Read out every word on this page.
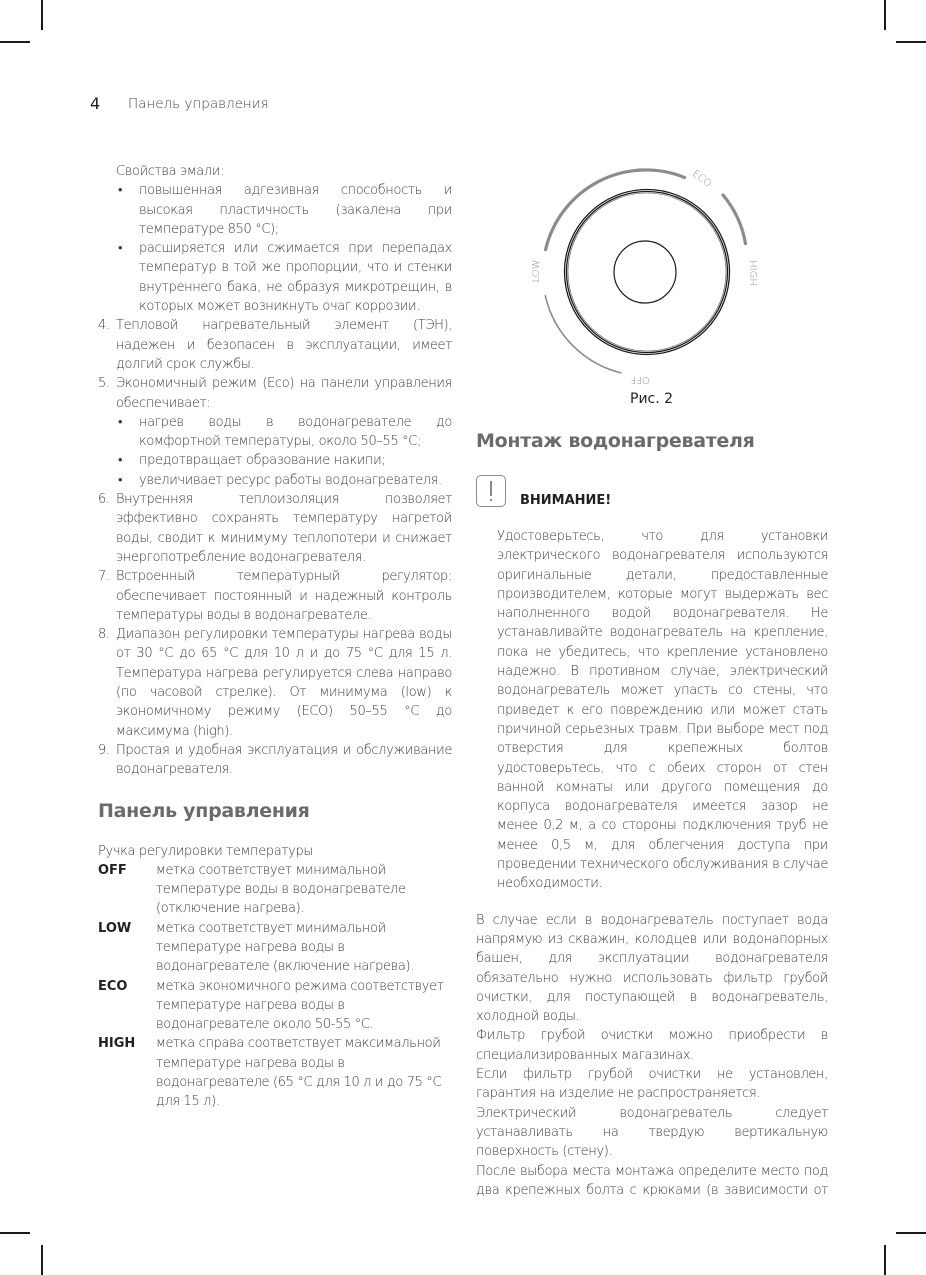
4 Панель управления

Свойства эмали:

• повышенная адгезивная способность и высокая пластичность (закалена при температуре 850 °C);
• расширяется или сжимается при перепадах температур в той же пропорции, что и стенки внутреннего бака, не образуя микротрещин, в которых может возникнуть очаг коррозии.
4. Тепловой нагревательный элемент (ТЭН), надежен и безопасен в эксплуатации, имеет долгий срок службы.
5. Экономичный режим (Eco) на панели управления обеспечивает:
• нагрев воды в водонагревателе до комфортной температуры, около 50–55 °C;
• предотвращает образование накипи;
• увеличивает ресурс работы водонагревателя.
6. Внутренняя теплоизоляция позволяет эффективно сохранять температуру нагретой воды, сводит к минимуму теплопотери и снижает энергопотребление водонагревателя.
7. Встроенный температурный регулятор: обеспечивает постоянный и надежный контроль температуры воды в водонагревателе.
8. Диапазон регулировки температуры нагрева воды от 30 °C до 65 °C для 10 л и до 75 °C для 15 л. Температура нагрева регулируется слева направо (по часовой стрелке). От минимума (low) к экономичному режиму (ECO) 50–55 °C до максимума (high).
9. Простая и удобная эксплуатация и обслуживание водонагревателя.
Панель управления

Ручка регулировки температуры

OFF метка соответствует минимальной температуре воды в водонагревателе (отключение нагрева).
LOW метка соответствует минимальной температуре нагрева воды в водонагревателе (включение нагрева).
ECO метка экономичного режима соответствует температуре нагрева воды в водонагревателе около 50-55 °C.
HIGH метка справа соответствует максимальной температуре нагрева воды в водонагревателе (65 °C для 10 л и до 75 °C для 15 л).
ECO
HIGH
LOW
OFF
Рис. 2
Монтаж водонагревателя
ВНИМАНИЕ!

Удостоверьтесь, что для установки электрического водонагревателя используются оригинальные детали, предоставленные производителем, которые могут выдержать вес наполненного водой водонагревателя. Не устанавливайте водонагреватель на крепление, пока не убедитесь, что крепление установлено надежно. В противном случае, электрический водонагреватель может упасть со стены, что приведет к его повреждению или может стать причиной серьезных травм. При выборе мест под отверстия для крепежных болтов удостоверьтесь, что с обеих сторон от стен ванной комнаты или другого помещения до корпуса водонагревателя имеется зазор не менее 0,2 м, а со стороны подключения труб не менее 0,5 м, для облегчения доступа при проведении технического обслуживания в случае необходимости.

В случае если в водонагреватель поступает вода напрямую из скважин, колодцев или водонапорных башен, для эксплуатации водонагревателя обязательно нужно использовать фильтр грубой очистки, для поступающей в водонагреватель, холодной воды.

Фильтр грубой очистки можно приобрести в специализированных магазинах.

Если фильтр грубой очистки не установлен, гарантия на изделие не распространяется.

Электрический водонагреватель следует устанавливать на твердую вертикальную поверхность (стену).

После выбора места монтажа определите место под два крепежных болта с крюками (в зависимости от
